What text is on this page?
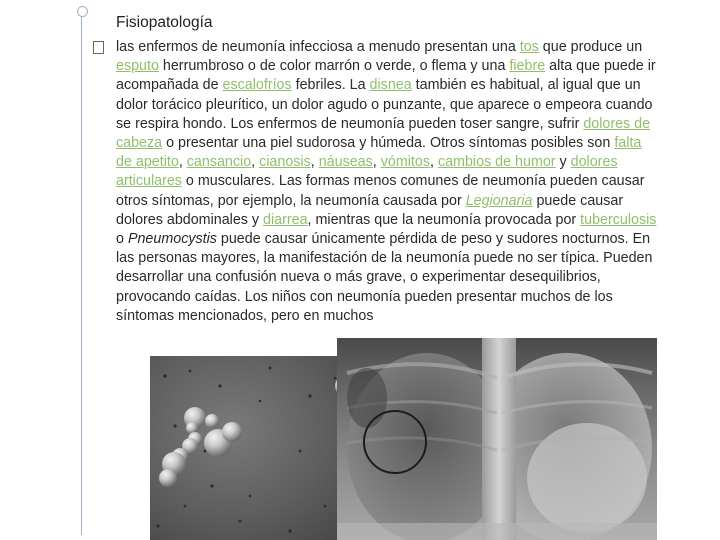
Fisiopatología
las enfermos de neumonía infecciosa a menudo presentan una tos que produce un esputo herrumbroso o de color marrón o verde, o flema y una fiebre alta que puede ir acompañada de escalofríos febriles. La disnea también es habitual, al igual que un dolor torácico pleurítico, un dolor agudo o punzante, que aparece o empeora cuando se respira hondo. Los enfermos de neumonía pueden toser sangre, sufrir dolores de cabeza o presentar una piel sudorosa y húmeda. Otros síntomas posibles son falta de apetito, cansancio, cianosis, náuseas, vómitos, cambios de humor y dolores articulares o musculares. Las formas menos comunes de neumonía pueden causar otros síntomas, por ejemplo, la neumonía causada por Legionaria puede causar dolores abdominales y diarrea, mientras que la neumonía provocada por tuberculosis o Pneumocystis puede causar únicamente pérdida de peso y sudores nocturnos. En las personas mayores, la manifestación de la neumonía puede no ser típica. Pueden desarrollar una confusión nueva o más grave, o experimentar desequilibrios, provocando caídas. Los niños con neumonía pueden presentar muchos de los síntomas mencionados, pero en muchos
